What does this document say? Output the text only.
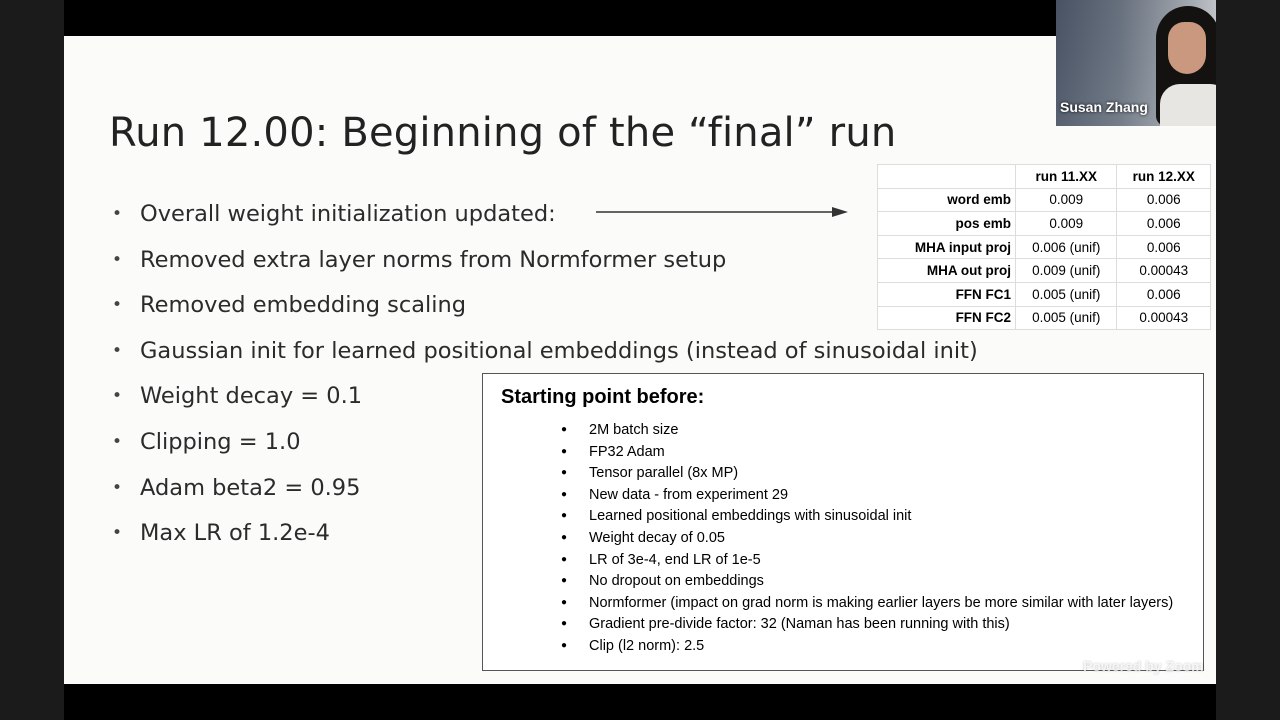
Run 12.00: Beginning of the “final” run
• Overall weight initialization updated:
• Removed extra layer norms from Normformer setup
• Removed embedding scaling
• Gaussian init for learned positional embeddings (instead of sinusoidal init)
• Weight decay = 0.1
• Clipping = 1.0
• Adam beta2 = 0.95
• Max LR of 1.2e-4
	run 11.XX	run 12.XX
word emb	0.009	0.006
pos emb	0.009	0.006
MHA input proj	0.006 (unif)	0.006
MHA out proj	0.009 (unif)	0.00043
FFN FC1	0.005 (unif)	0.006
FFN FC2	0.005 (unif)	0.00043
Starting point before:
● 2M batch size
● FP32 Adam
● Tensor parallel (8x MP)
● New data - from experiment 29
● Learned positional embeddings with sinusoidal init
● Weight decay of 0.05
● LR of 3e-4, end LR of 1e-5
● No dropout on embeddings
● Normformer (impact on grad norm is making earlier layers be more similar with later layers)
● Gradient pre-divide factor: 32 (Naman has been running with this)
● Clip (l2 norm): 2.5
Powered by Zoom
Susan Zhang
